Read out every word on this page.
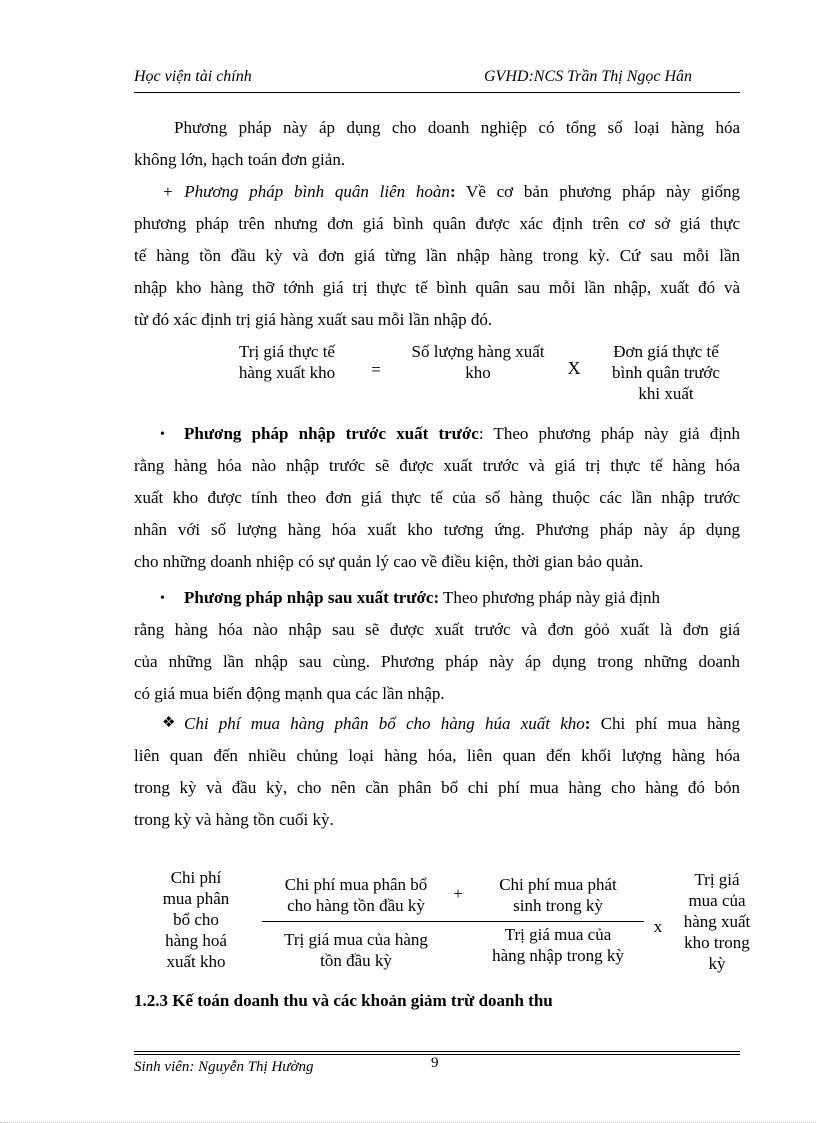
Học viện tài chính	GVHD:NCS Trần Thị Ngọc Hân
Phương pháp này áp dụng cho doanh nghiệp có tổng số loại hàng hóa
không lớn, hạch toán đơn giản.
+ Phương pháp bình quân liên hoàn: Về cơ bản phương pháp này giống
phương pháp trên nhưng đơn giá bình quân được xác định trên cơ sở giá thực
tế hàng tồn đầu kỳ và đơn giá từng lần nhập hàng trong kỳ. Cứ sau mỗi lần
nhập kho hàng thỡ tớnh giá trị thực tế bình quân sau mỗi lần nhập, xuất đó và
từ đó xác định trị giá hàng xuất sau mỗi lần nhập đó.
Trị giá thực tế
hàng xuất kho	=
Số lượng hàng xuất
kho	X
Đơn giá thực tế
bình quân trước
khi xuất
•	Phương pháp nhập trước xuất trước: Theo phương pháp này giả định
rằng hàng hóa nào nhập trước sẽ được xuất trước và giá trị thực tế hàng hóa
xuất kho được tính theo đơn giá thực tế của số hàng thuộc các lần nhập trước
nhân với số lượng hàng hóa xuất kho tương ứng. Phương pháp này áp dụng
cho những doanh nhiệp có sự quản lý cao về điều kiện, thời gian bảo quản.
•	Phương pháp nhập sau xuất trước: Theo phương pháp này giả định
rằng hàng hóa nào nhập sau sẽ được xuất trước và đơn gỏỏ xuất là đơn giá
của những lần nhập sau cùng. Phương pháp này áp dụng trong những doanh
có giá mua biến động mạnh qua các lần nhập.
❖ Chi phí mua hàng phân bổ cho hàng húa xuất kho: Chi phí mua hàng
liên quan đến nhiều chủng loại hàng hóa, liên quan đến khối lượng hàng hóa
trong kỳ và đầu kỳ, cho nên cần phân bổ chi phí mua hàng cho hàng đó bỏn
trong kỳ và hàng tồn cuối kỳ.
Chi phí
mua phân
bổ cho
hàng hoá
xuất kho
Chi phí mua phân bổ
cho hàng tồn đầu kỳ
+	Chi phí mua phát
sinh trong kỳ
Trị giá mua của hàng
tồn đầu kỳ
Trị giá mua của
hàng nhập trong kỳ
x
Trị giá
mua của
hàng xuất
kho trong
kỳ
1.2.3 Kế toán doanh thu và các khoản giảm trừ doanh thu
Sinh viên: Nguyễn Thị Hường	9
